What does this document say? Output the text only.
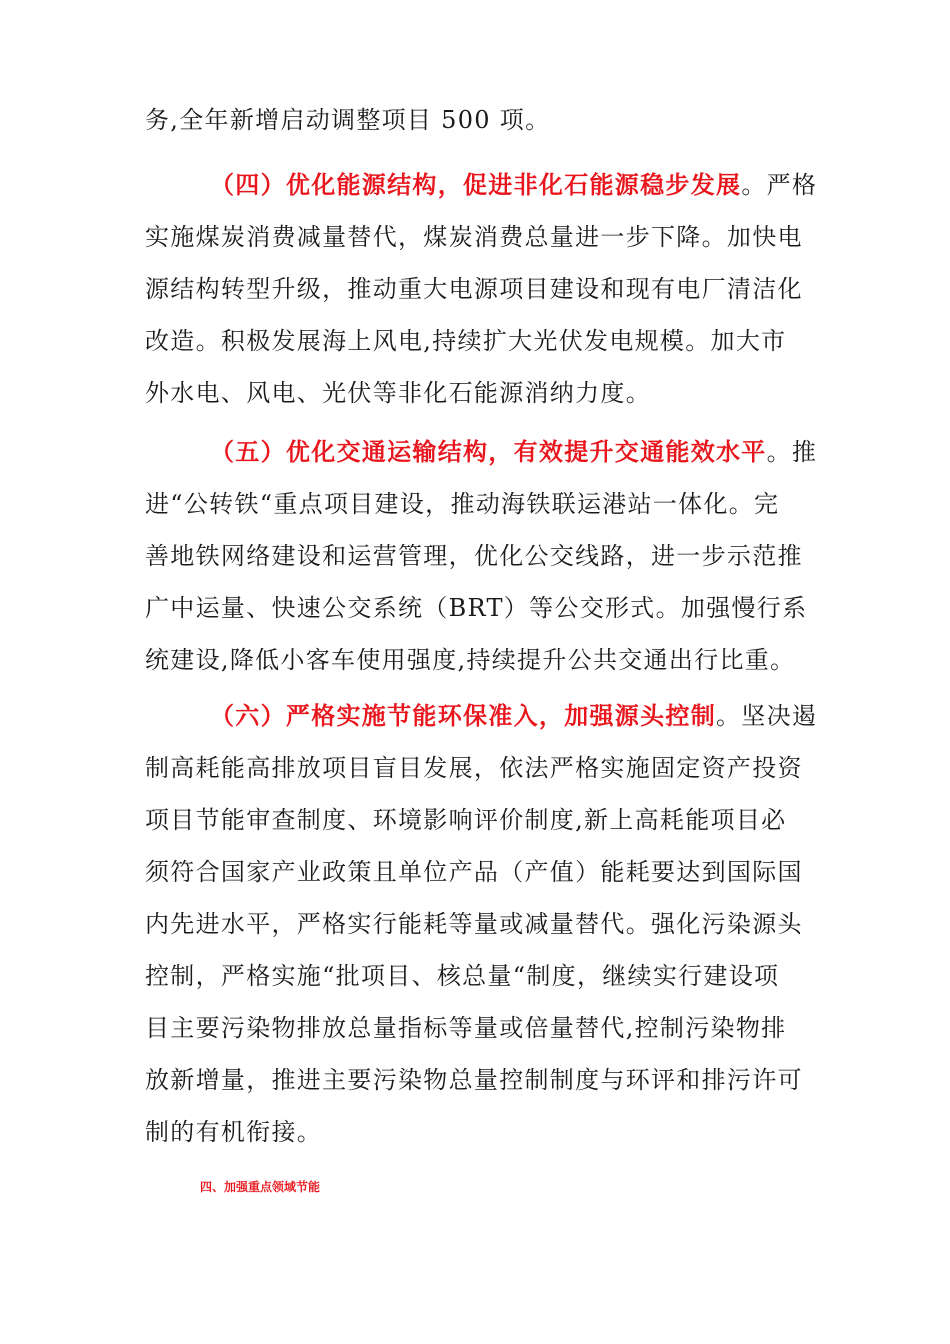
务,全年新增启动调整项目 500 项。
（四）优化能源结构，促进非化石能源稳步发展。严格
实施煤炭消费减量替代，煤炭消费总量进一步下降。加快电
源结构转型升级，推动重大电源项目建设和现有电厂清洁化
改造。积极发展海上风电,持续扩大光伏发电规模。加大市
外水电、风电、光伏等非化石能源消纳力度。
（五）优化交通运输结构，有效提升交通能效水平。推
进“公转铁“重点项目建设，推动海铁联运港站一体化。完
善地铁网络建设和运营管理，优化公交线路，进一步示范推
广中运量、快速公交系统（BRT）等公交形式。加强慢行系
统建设,降低小客车使用强度,持续提升公共交通出行比重。
（六）严格实施节能环保准入，加强源头控制。坚决遏
制高耗能高排放项目盲目发展，依法严格实施固定资产投资
项目节能审查制度、环境影响评价制度,新上高耗能项目必
须符合国家产业政策且单位产品（产值）能耗要达到国际国
内先进水平，严格实行能耗等量或减量替代。强化污染源头
控制，严格实施“批项目、核总量“制度，继续实行建设项
目主要污染物排放总量指标等量或倍量替代,控制污染物排
放新增量，推进主要污染物总量控制制度与环评和排污许可
制的有机衔接。
四、加强重点领域节能
